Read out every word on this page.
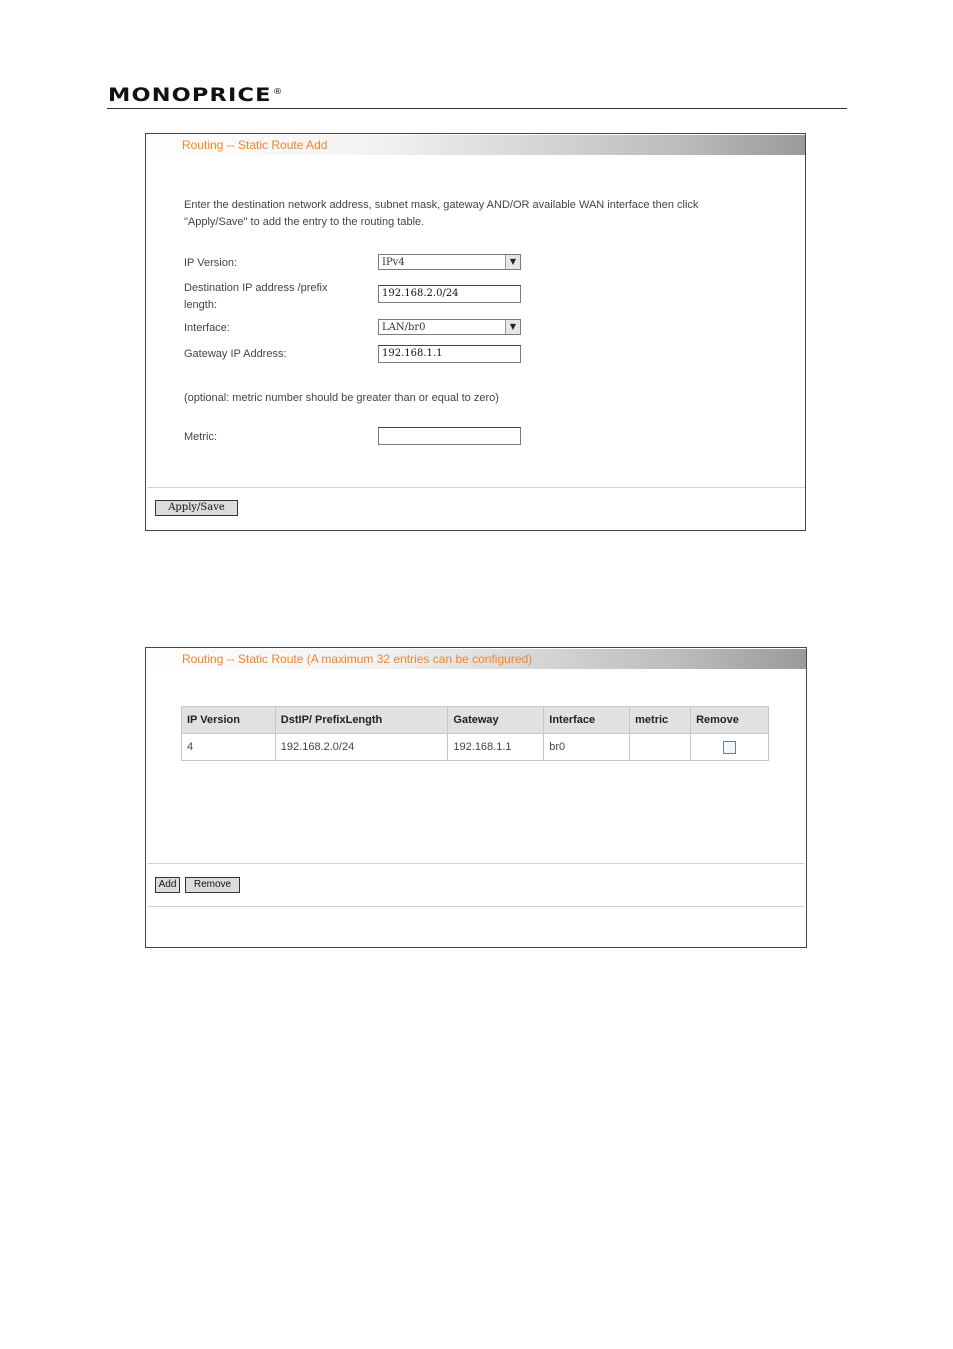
MONOPRICE®
Routing -- Static Route Add
Enter the destination network address, subnet mask, gateway AND/OR available WAN interface then click
"Apply/Save" to add the entry to the routing table.
IP Version:	IPv4	▼
Destination IP address /prefix
length:
192.168.2.0/24
Interface:	LAN/br0	▼
Gateway IP Address:	192.168.1.1
(optional: metric number should be greater than or equal to zero)
Metric:
Apply/Save
Routing -- Static Route (A maximum 32 entries can be configured)
IP Version	DstIP/ PrefixLength	Gateway	Interface	metric	Remove
4	192.168.2.0/24	192.168.1.1	br0		
Add	Remove
